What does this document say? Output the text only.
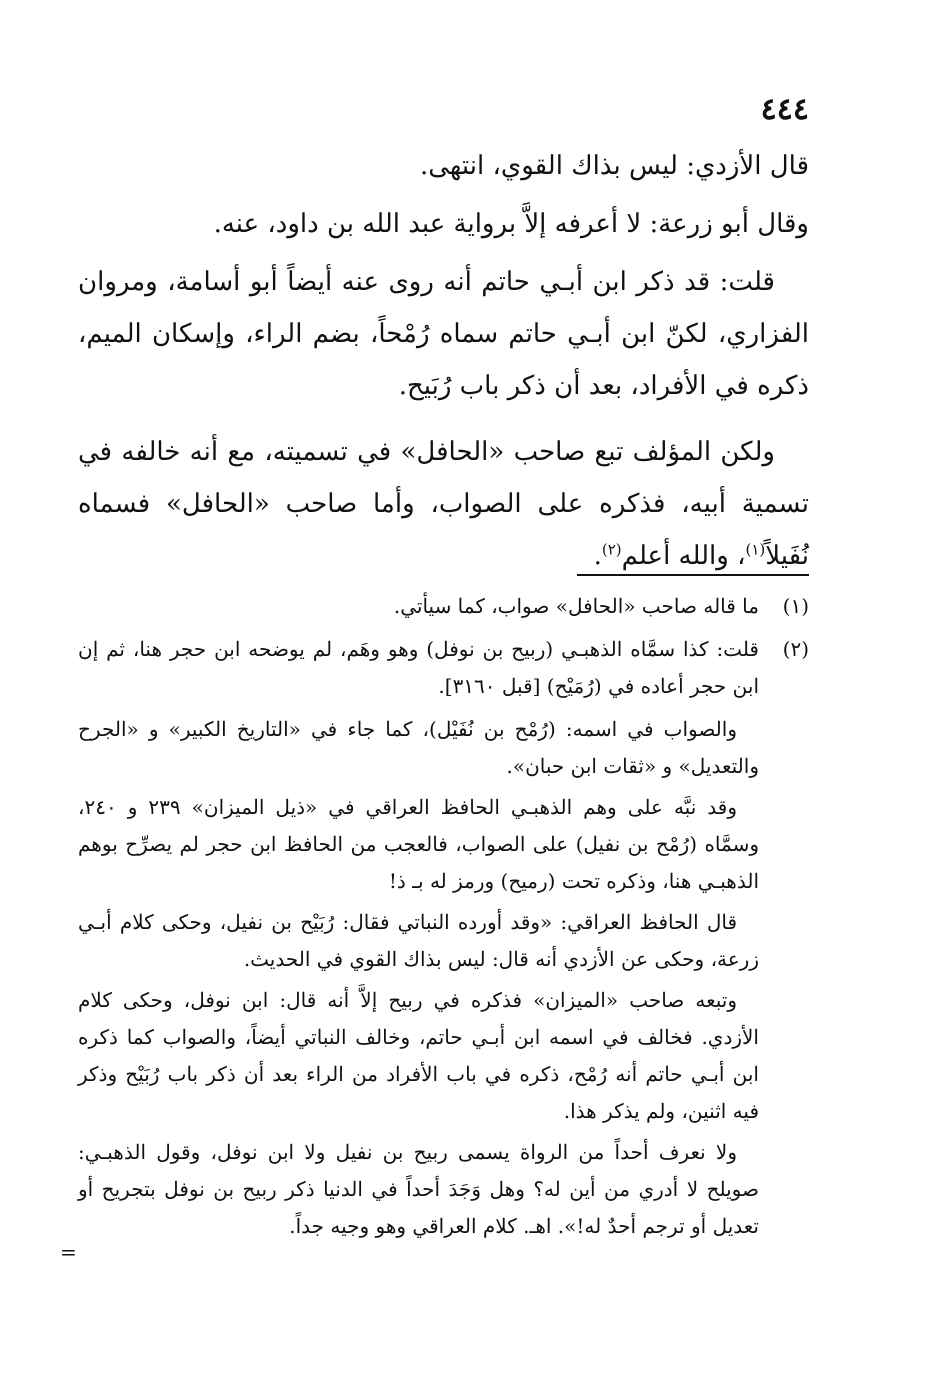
٤٤٤

قال الأزدي: ليس بذاك القوي، انتهى.

وقال أبو زرعة: لا أعرفه إلاَّ برواية عبد الله بن داود، عنه.

قلت: قد ذكر ابن أبـي حاتم أنه روى عنه أيضاً أبو أسامة، ومروان الفزاري، لكنّ ابن أبـي حاتم سماه رُمْحاً، بضم الراء، وإسكان الميم، ذكره في الأفراد، بعد أن ذكر باب رُبَيح.

ولكن المؤلف تبع صاحب «الحافل» في تسميته، مع أنه خالفه في تسمية أبيه، فذكره على الصواب، وأما صاحب «الحافل» فسماه نُفَيلاً$^{(١)}$، والله أعلم$^{(٢)}$.

(١)

ما قاله صاحب «الحافل» صواب، كما سيأتي.

(٢)

قلت: كذا سمَّاه الذهبـي (ربيح بن نوفل) وهو وهَم، لم يوضحه ابن حجر هنا، ثم إن ابن حجر أعاده في (رُمَيْح) [قبل ٣١٦٠].

والصواب في اسمه: (رُمْح بن نُفَيْل)، كما جاء في «التاريخ الكبير» و «الجرح والتعديل» و «ثقات ابن حبان».

وقد نبَّه على وهم الذهبـي الحافظ العراقي في «ذيل الميزان» ٢٣٩ و ٢٤٠، وسمَّاه (رُمْح بن نفيل) على الصواب، فالعجب من الحافظ ابن حجر لم يصرِّح بوهم الذهبـي هنا، وذكره تحت (رميح) ورمز له بـ ذ!

قال الحافظ العراقي: «وقد أورده النباتي فقال: رُبَيْح بن نفيل، وحكى كلام أبـي زرعة، وحكى عن الأزدي أنه قال: ليس بذاك القوي في الحديث.

وتبعه صاحب «الميزان» فذكره في ربيح إلاَّ أنه قال: ابن نوفل، وحكى كلام الأزدي. فخالف في اسمه ابن أبـي حاتم، وخالف النباتي أيضاً، والصواب كما ذكره ابن أبـي حاتم أنه رُمْح، ذكره في باب الأفراد من الراء بعد أن ذكر باب رُبَيْح وذكر فيه اثنين، ولم يذكر هذا.

ولا نعرف أحداً من الرواة يسمى ربيح بن نفيل ولا ابن نوفل، وقول الذهبـي: صويلح لا أدري من أين له؟ وهل وَجَدَ أحداً في الدنيا ذكر ربيح بن نوفل بتجريح أو تعديل أو ترجم أحدٌ له!». اهـ. كلام العراقي وهو وجيه جداً.

=
